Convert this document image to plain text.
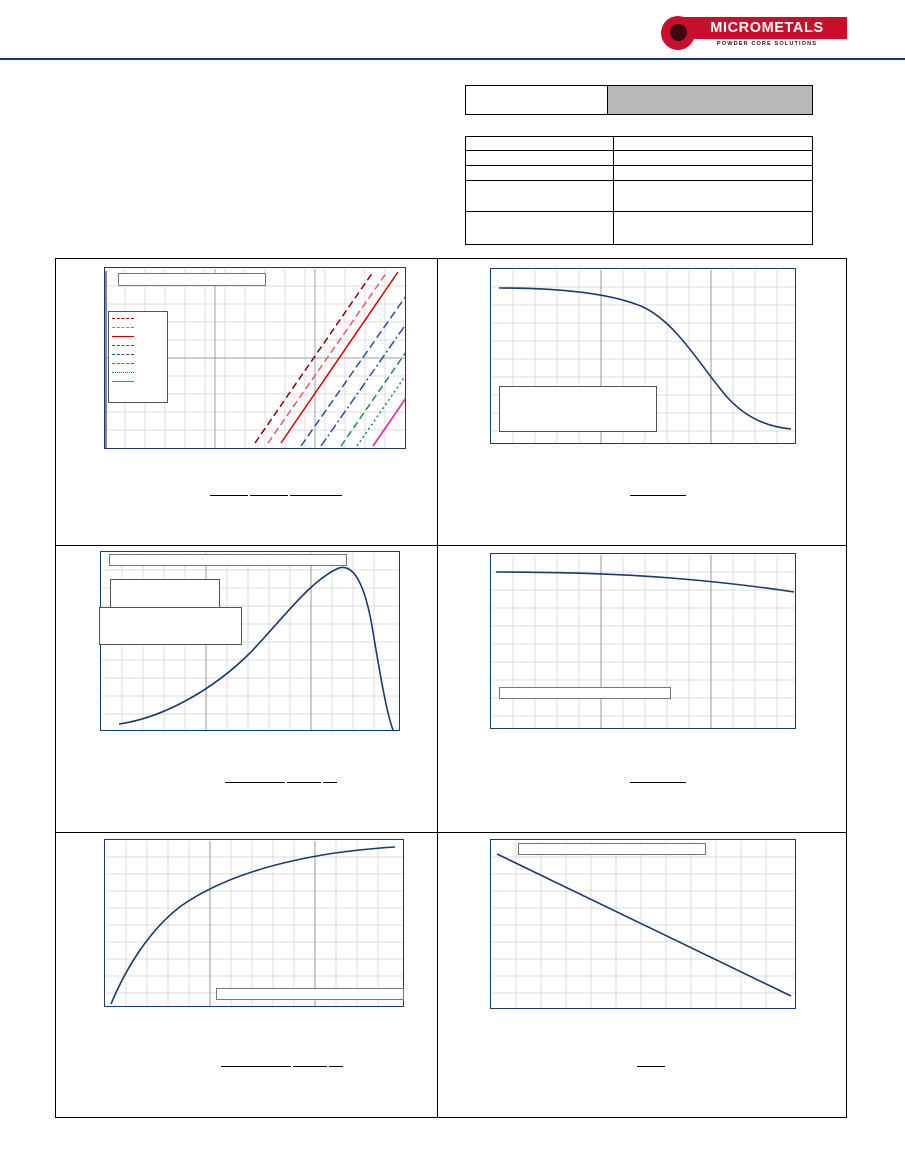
MICROMETALS
POWDER CORE SOLUTIONS
